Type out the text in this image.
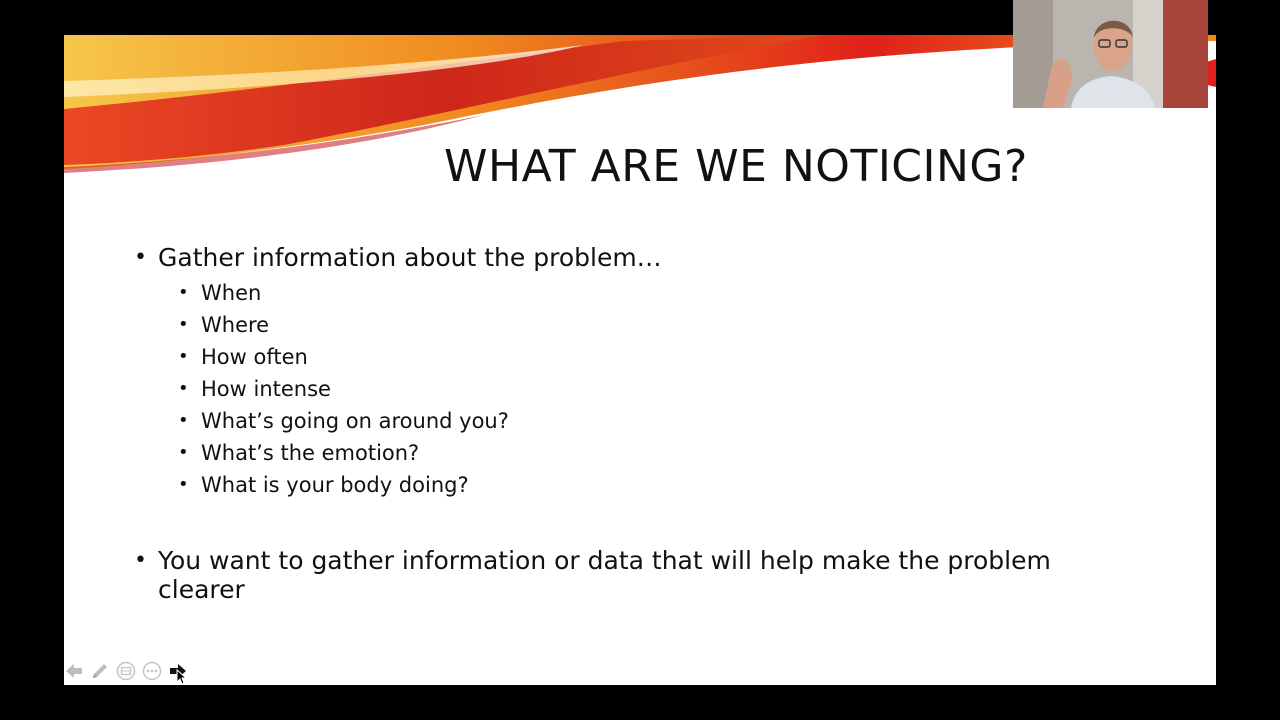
WHAT ARE WE NOTICING?
• Gather information about the problem…
• When
• Where
• How often
• How intense
• What’s going on around you?
• What’s the emotion?
• What is your body doing?
• You want to gather information or data that will help make the problem clearer
